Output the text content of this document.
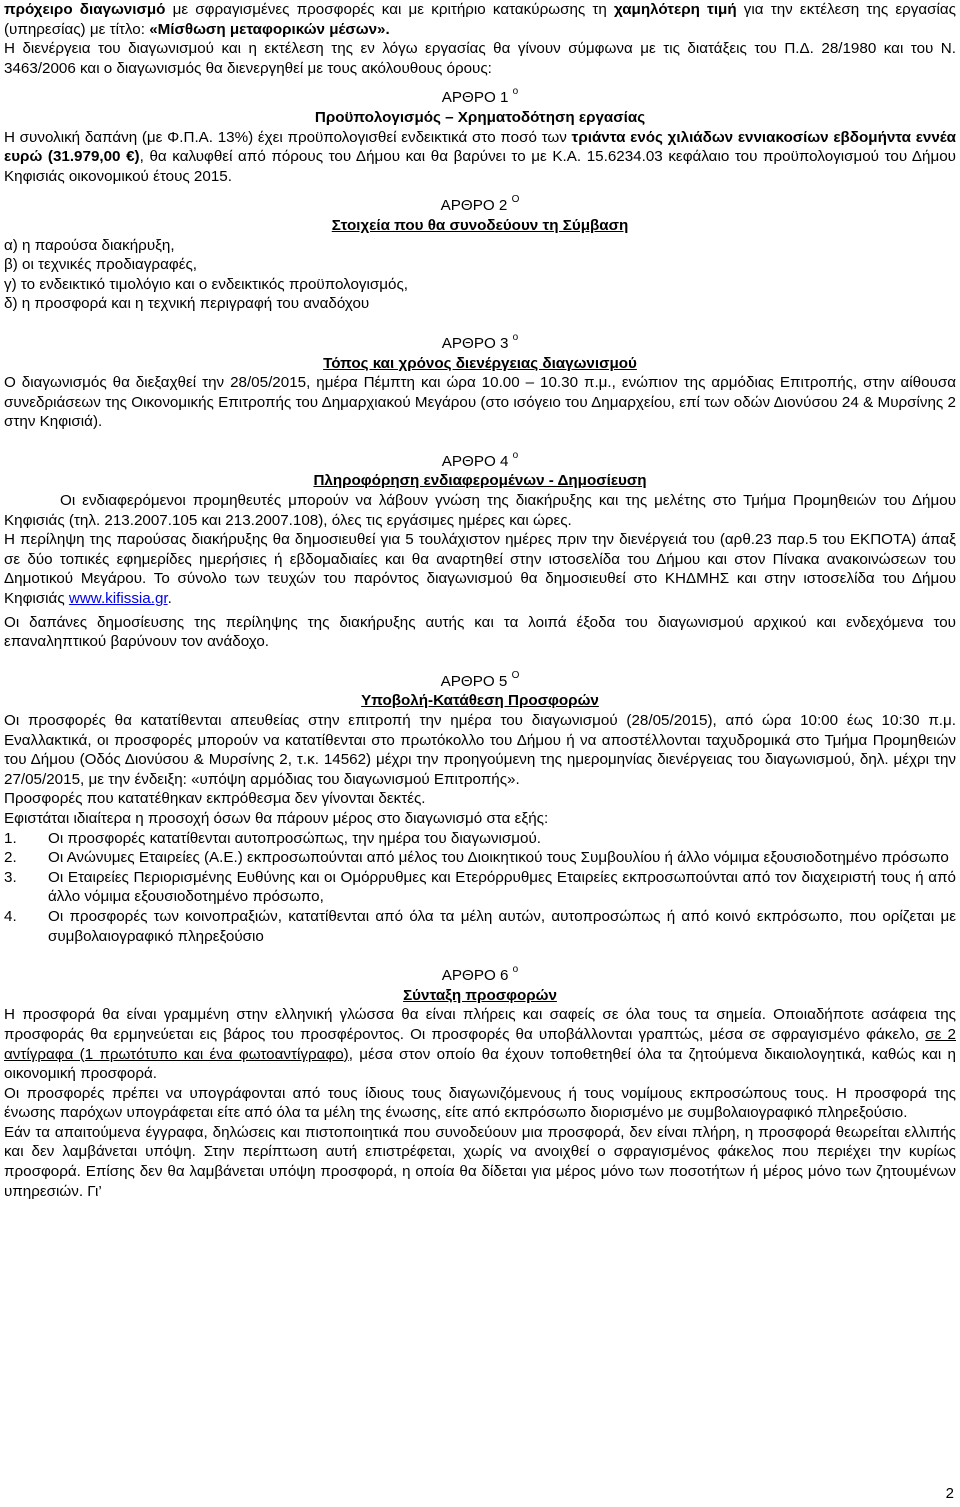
πρόχειρο διαγωνισμό με σφραγισμένες προσφορές και με κριτήριο κατακύρωσης τη χαμηλότερη τιμή για την εκτέλεση της εργασίας (υπηρεσίας) με τίτλο: «Μίσθωση μεταφορικών μέσων».

Η διενέργεια του διαγωνισμού και η εκτέλεση της εν λόγω εργασίας θα γίνουν σύμφωνα με τις διατάξεις του Π.Δ. 28/1980 και του Ν. 3463/2006 και ο διαγωνισμός θα διενεργηθεί με τους ακόλουθους όρους:

ΑΡΘΡΟ 1 $^o$

Προϋπολογισμός – Χρηματοδότηση εργασίας

Η συνολική δαπάνη (με Φ.Π.Α. 13%) έχει προϋπολογισθεί ενδεικτικά στο ποσό των τριάντα ενός χιλιάδων εννιακοσίων εβδομήντα εννέα ευρώ (31.979,00 €), θα καλυφθεί από πόρους του Δήμου και θα βαρύνει το με Κ.Α. 15.6234.03 κεφάλαιο του προϋπολογισμού του Δήμου Κηφισιάς οικονομικού έτους 2015.

ΑΡΘΡΟ 2 $^O$

Στοιχεία που θα συνοδεύουν τη Σύμβαση

α) η παρούσα διακήρυξη,

β) οι τεχνικές προδιαγραφές,

γ) το ενδεικτικό τιμολόγιο και ο ενδεικτικός προϋπολογισμός,

δ) η προσφορά και η τεχνική περιγραφή του αναδόχου

ΑΡΘΡΟ 3 $^o$

Τόπος και χρόνος διενέργειας διαγωνισμού

Ο διαγωνισμός θα διεξαχθεί την 28/05/2015, ημέρα Πέμπτη και ώρα 10.00 – 10.30 π.μ., ενώπιον της αρμόδιας Επιτροπής, στην αίθουσα συνεδριάσεων της Οικονομικής Επιτροπής του Δημαρχιακού Μεγάρου (στο ισόγειο του Δημαρχείου, επί των οδών Διονύσου 24 & Μυρσίνης 2 στην Κηφισιά).

ΑΡΘΡΟ 4 $^o$

Πληροφόρηση ενδιαφερομένων - Δημοσίευση

Οι ενδιαφερόμενοι προμηθευτές μπορούν να λάβουν γνώση της διακήρυξης και της μελέτης στο Τμήμα Προμηθειών του Δήμου Κηφισιάς (τηλ. 213.2007.105 και 213.2007.108), όλες τις εργάσιμες ημέρες και ώρες.

Η περίληψη της παρούσας διακήρυξης θα δημοσιευθεί για 5 τουλάχιστον ημέρες πριν την διενέργειά του (αρθ.23 παρ.5 του ΕΚΠΟΤΑ) άπαξ σε δύο τοπικές εφημερίδες ημερήσιες ή εβδομαδιαίες και θα αναρτηθεί στην ιστοσελίδα του Δήμου και στον Πίνακα ανακοινώσεων του Δημοτικού Μεγάρου. Το σύνολο των τευχών του παρόντος διαγωνισμού θα δημοσιευθεί στο ΚΗΔΜΗΣ και στην ιστοσελίδα του Δήμου Κηφισιάς www.kifissia.gr.

Οι δαπάνες δημοσίευσης της περίληψης της διακήρυξης αυτής και τα λοιπά έξοδα του διαγωνισμού αρχικού και ενδεχόμενα του επαναληπτικού βαρύνουν τον ανάδοχο.

ΑΡΘΡΟ 5 $^O$

Υποβολή-Κατάθεση Προσφορών

Οι προσφορές θα κατατίθενται απευθείας στην επιτροπή την ημέρα του διαγωνισμού (28/05/2015), από ώρα 10:00 έως 10:30 π.μ. Εναλλακτικά, οι προσφορές μπορούν να κατατίθενται στο πρωτόκολλο του Δήμου ή να αποστέλλονται ταχυδρομικά στο Τμήμα Προμηθειών του Δήμου (Οδός Διονύσου & Μυρσίνης 2, τ.κ. 14562) μέχρι την προηγούμενη της ημερομηνίας διενέργειας του διαγωνισμού, δηλ. μέχρι την 27/05/2015, με την ένδειξη: «υπόψη αρμόδιας του διαγωνισμού Επιτροπής».

Προσφορές που κατατέθηκαν εκπρόθεσμα δεν γίνονται δεκτές.

Εφιστάται ιδιαίτερα η προσοχή όσων θα πάρουν μέρος στο διαγωνισμό στα εξής:

1.	Οι προσφορές κατατίθενται αυτοπροσώπως, την ημέρα του διαγωνισμού.
2.	Οι Ανώνυμες Εταιρείες (Α.Ε.) εκπροσωπούνται από μέλος του Διοικητικού τους Συμβουλίου ή άλλο νόμιμα εξουσιοδοτημένο πρόσωπο
3.	Οι Εταιρείες Περιορισμένης Ευθύνης και οι Ομόρρυθμες και Ετερόρρυθμες Εταιρείες εκπροσωπούνται από τον διαχειριστή τους ή από άλλο νόμιμα εξουσιοδοτημένο πρόσωπο,
4.	Οι προσφορές των κοινοπραξιών, κατατίθενται από όλα τα μέλη αυτών, αυτοπροσώπως ή από κοινό εκπρόσωπο, που ορίζεται με συμβολαιογραφικό πληρεξούσιο

ΑΡΘΡΟ 6 $^o$

Σύνταξη προσφορών

Η προσφορά θα είναι γραμμένη στην ελληνική γλώσσα θα είναι πλήρεις και σαφείς σε όλα τους τα σημεία. Οποιαδήποτε ασάφεια της προσφοράς θα ερμηνεύεται εις βάρος του προσφέροντος. Οι προσφορές θα υποβάλλονται γραπτώς, μέσα σε σφραγισμένο φάκελο, σε 2 αντίγραφα (1 πρωτότυπο και ένα φωτοαντίγραφο), μέσα στον οποίο θα έχουν τοποθετηθεί όλα τα ζητούμενα δικαιολογητικά, καθώς και η οικονομική προσφορά.

Οι προσφορές πρέπει να υπογράφονται από τους ίδιους τους διαγωνιζόμενους ή τους νομίμους εκπροσώπους τους. Η προσφορά της ένωσης παρόχων υπογράφεται είτε από όλα τα μέλη της ένωσης, είτε από εκπρόσωπο διορισμένο με συμβολαιογραφικό πληρεξούσιο.

Εάν τα απαιτούμενα έγγραφα, δηλώσεις και πιστοποιητικά που συνοδεύουν μια προσφορά, δεν είναι πλήρη, η προσφορά θεωρείται ελλιπής και δεν λαμβάνεται υπόψη. Στην περίπτωση αυτή επιστρέφεται, χωρίς να ανοιχθεί ο σφραγισμένος φάκελος που περιέχει την κυρίως προσφορά. Επίσης δεν θα λαμβάνεται υπόψη προσφορά, η οποία θα δίδεται για μέρος μόνο των ποσοτήτων ή μέρος μόνο των ζητουμένων υπηρεσιών. Γι’

2
